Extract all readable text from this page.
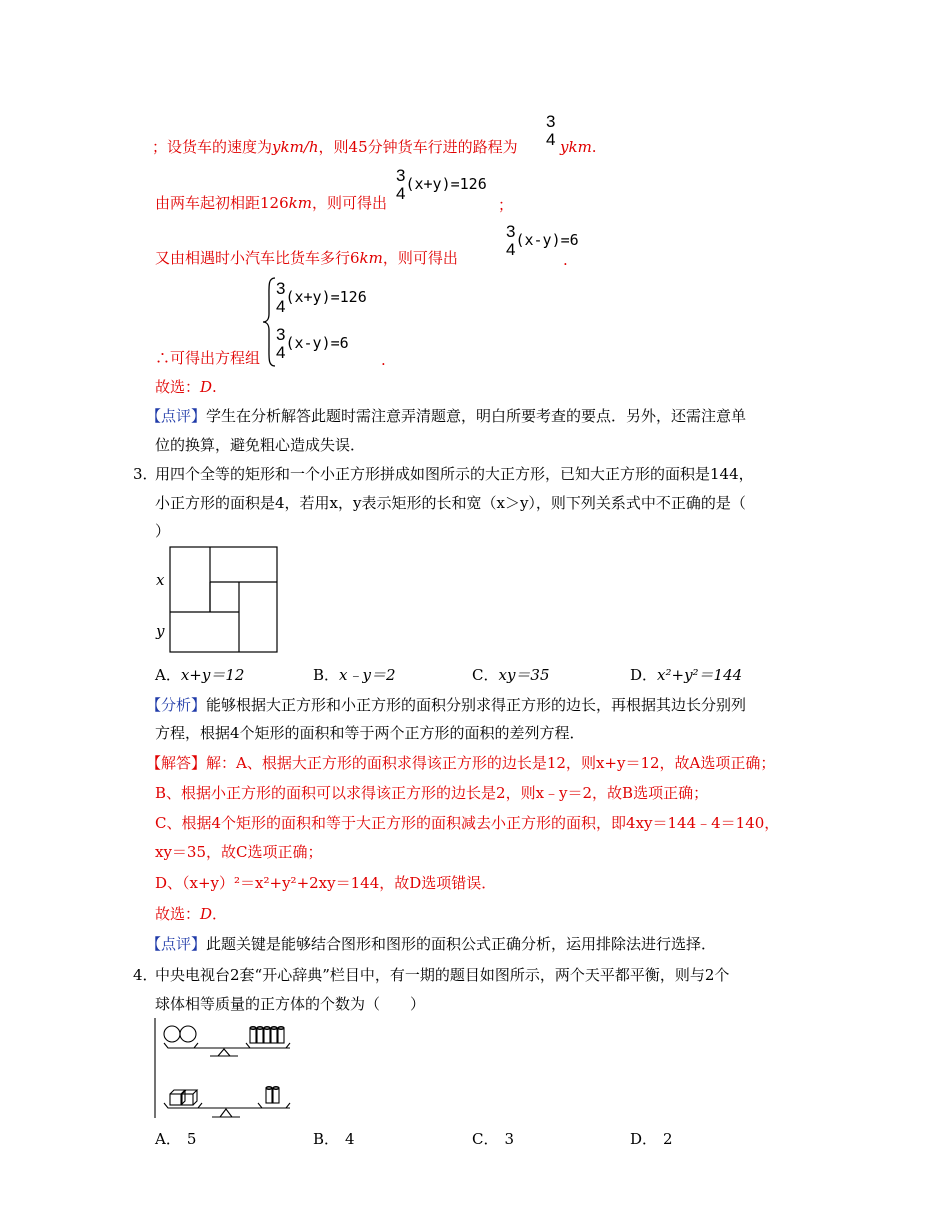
；设货车的速度为ykm/h，则45分钟货车行进的路程为
3
4 ykm.
由两车起初相距126km，则可得出
3
4 (x+y)=126
；
又由相遇时小汽车比货车多行6km，则可得出
3
4 (x-y)=6
.
3
4 (x+y)=126
3
4 (x-y)=6
∴可得出方程组	.
故选：D.
【点评】学生在分析解答此题时需注意弄清题意，明白所要考查的要点．另外，还需注意单
位的换算，避免粗心造成失误．
3．
用四个全等的矩形和一个小正方形拼成如图所示的大正方形，已知大正方形的面积是144，
小正方形的面积是4，若用x，y表示矩形的长和宽（x＞y），则下列关系式中不正确的是（
）
x
y
A．x+y＝12	B．x﹣y＝2	C．xy＝35	D．x²+y²＝144
【分析】能够根据大正方形和小正方形的面积分别求得正方形的边长，再根据其边长分别列
方程，根据4个矩形的面积和等于两个正方形的面积的差列方程．
【解答】解：A、根据大正方形的面积求得该正方形的边长是12，则x+y＝12，故A选项正确；
B、根据小正方形的面积可以求得该正方形的边长是2，则x﹣y＝2，故B选项正确；
C、根据4个矩形的面积和等于大正方形的面积减去小正方形的面积，即4xy＝144﹣4＝140，
xy＝35，故C选项正确；
D、（x+y）²＝x²+y²+2xy＝144，故D选项错误．
故选：D．
【点评】此题关键是能够结合图形和图形的面积公式正确分析，运用排除法进行选择．
4．
中央电视台2套“开心辞典”栏目中，有一期的题目如图所示，两个天平都平衡，则与2个
球体相等质量的正方体的个数为（　　）
A． 5	B． 4	C． 3	D． 2
